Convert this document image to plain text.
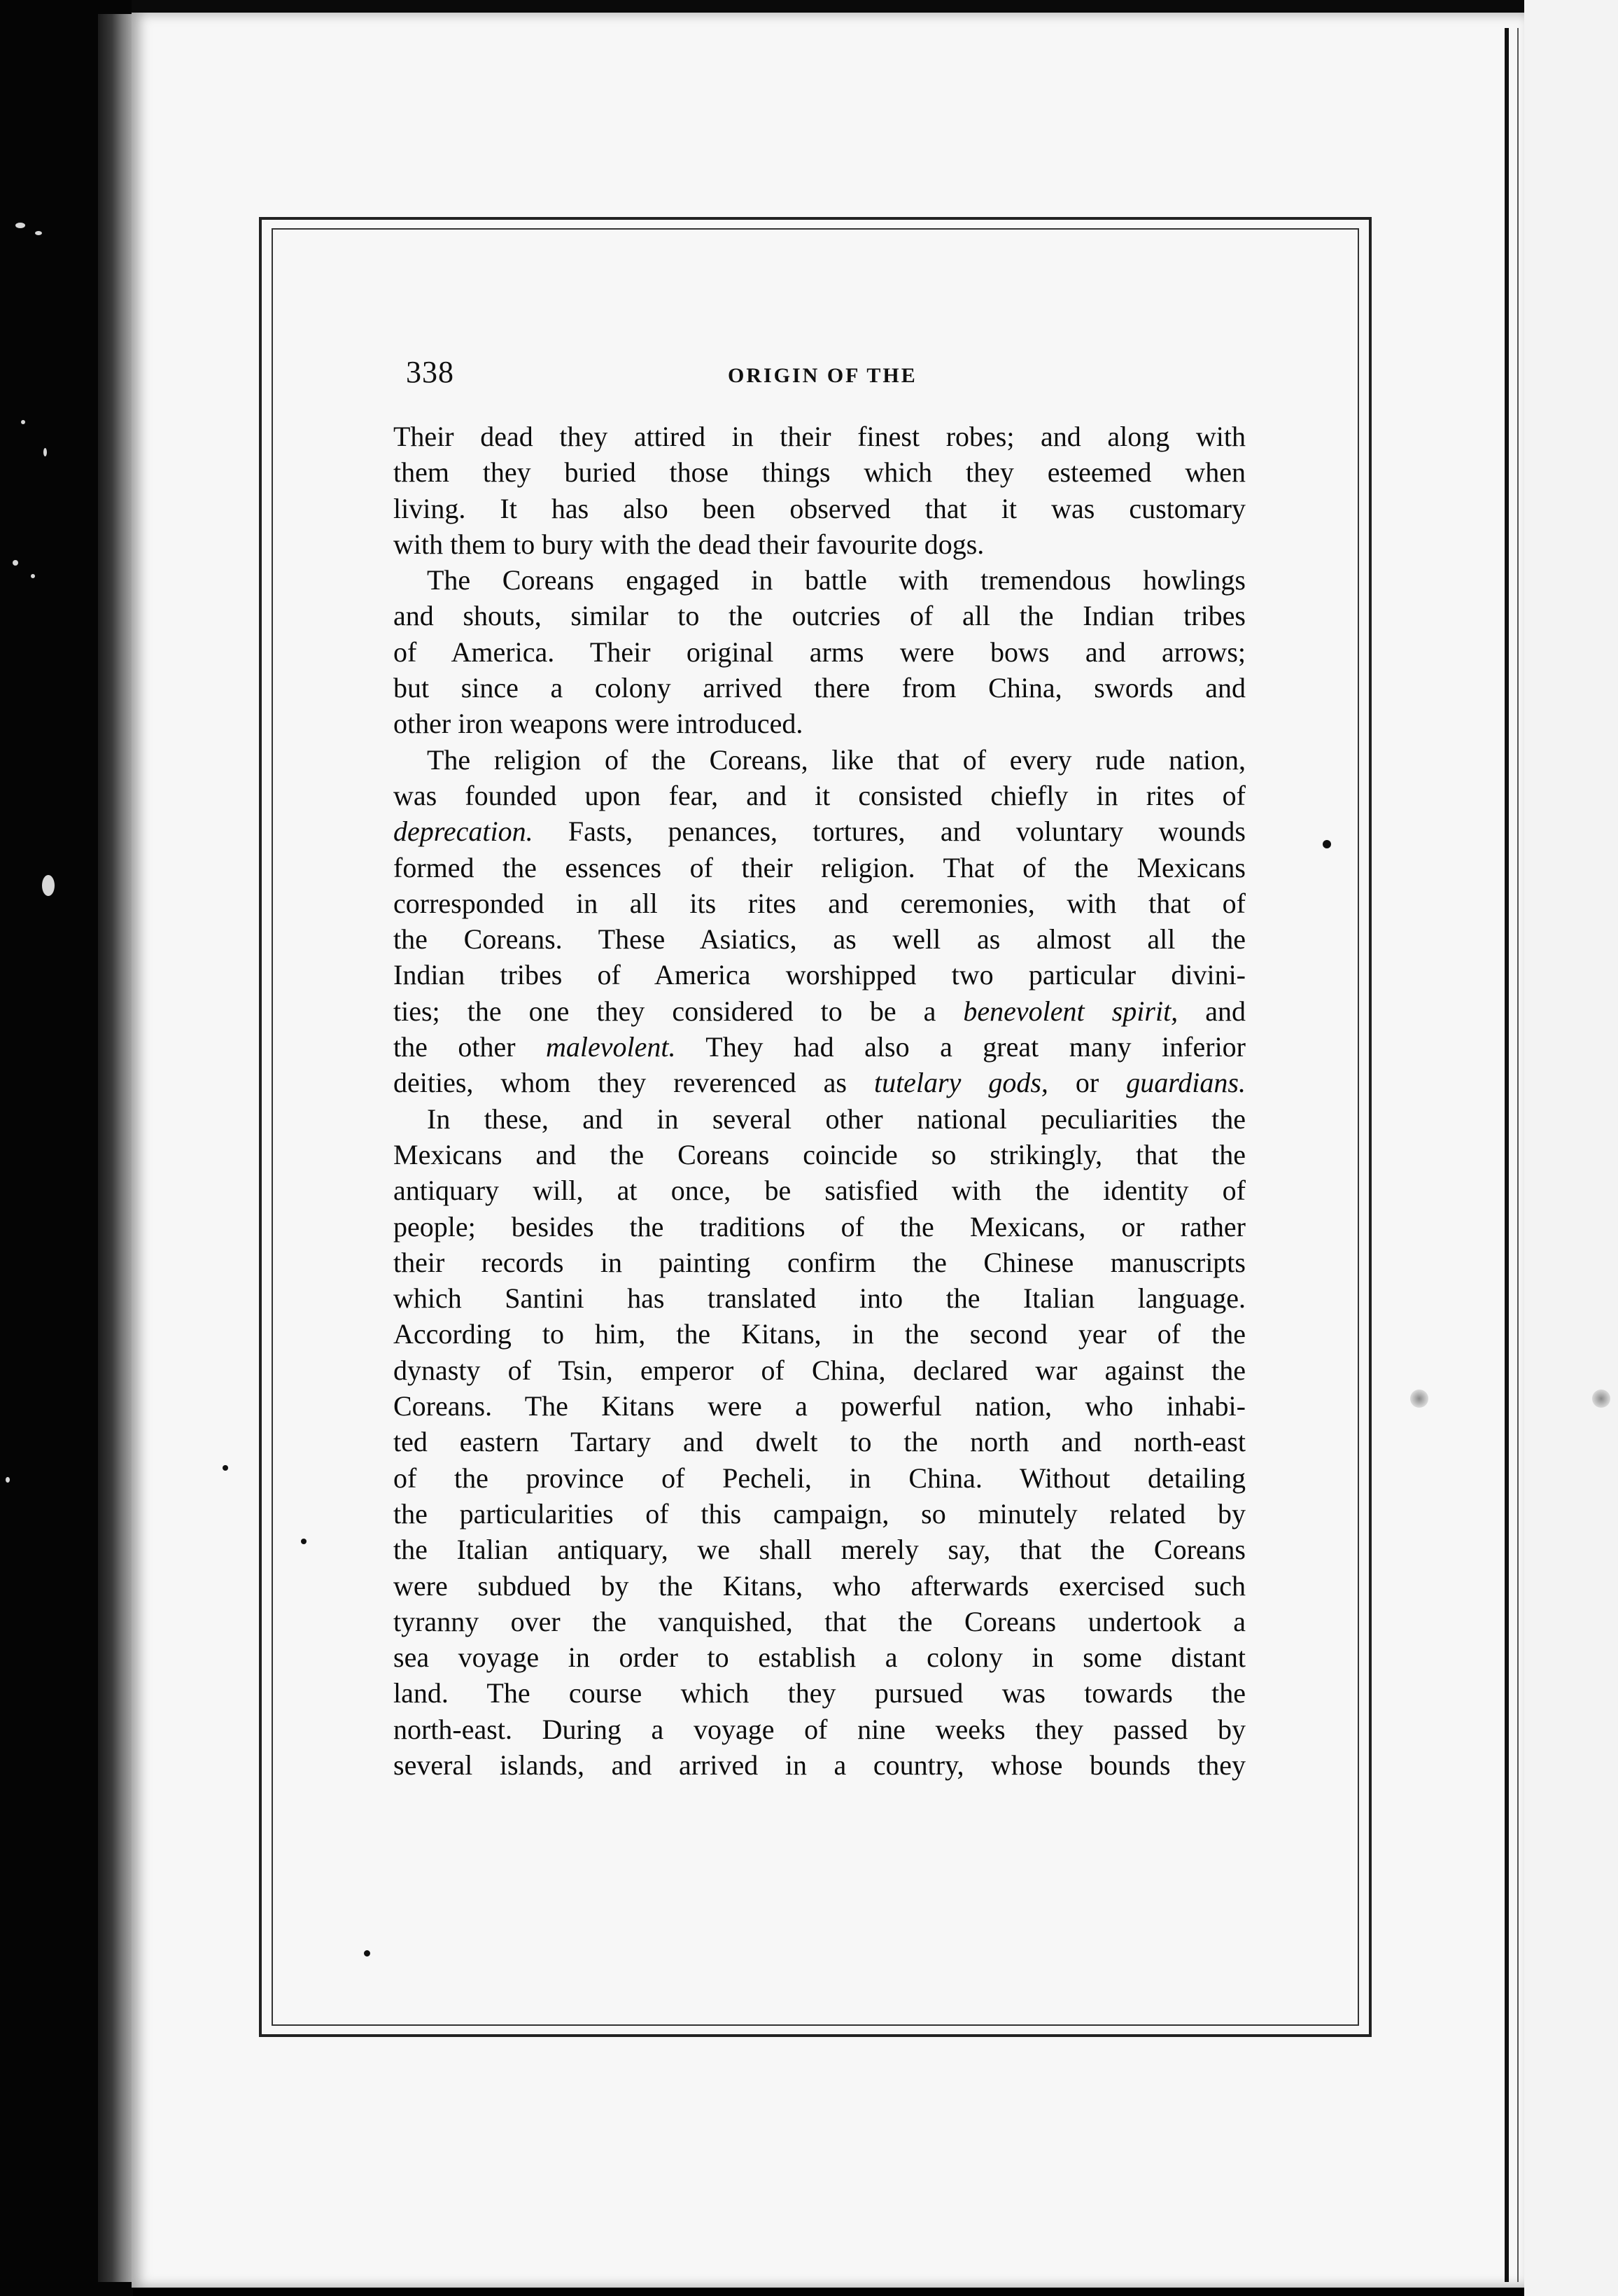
338	ORIGIN OF THE
Their dead they attired in their finest robes; and along with
them they buried those things which they esteemed when
living. It has also been observed that it was customary
with them to bury with the dead their favourite dogs.
The Coreans engaged in battle with tremendous howlings
and shouts, similar to the outcries of all the Indian tribes
of America. Their original arms were bows and arrows;
but since a colony arrived there from China, swords and
other iron weapons were introduced.
The religion of the Coreans, like that of every rude nation,
was founded upon fear, and it consisted chiefly in rites of
deprecation. Fasts, penances, tortures, and voluntary wounds
formed the essences of their religion. That of the Mexicans
corresponded in all its rites and ceremonies, with that of
the Coreans. These Asiatics, as well as almost all the
Indian tribes of America worshipped two particular divini-
ties; the one they considered to be a benevolent spirit, and
the other malevolent. They had also a great many inferior
deities, whom they reverenced as tutelary gods, or guardians.
In these, and in several other national peculiarities the
Mexicans and the Coreans coincide so strikingly, that the
antiquary will, at once, be satisfied with the identity of
people; besides the traditions of the Mexicans, or rather
their records in painting confirm the Chinese manuscripts
which Santini has translated into the Italian language.
According to him, the Kitans, in the second year of the
dynasty of Tsin, emperor of China, declared war against the
Coreans. The Kitans were a powerful nation, who inhabi-
ted eastern Tartary and dwelt to the north and north-east
of the province of Pecheli, in China. Without detailing
the particularities of this campaign, so minutely related by
the Italian antiquary, we shall merely say, that the Coreans
were subdued by the Kitans, who afterwards exercised such
tyranny over the vanquished, that the Coreans undertook a
sea voyage in order to establish a colony in some distant
land. The course which they pursued was towards the
north-east. During a voyage of nine weeks they passed by
several islands, and arrived in a country, whose bounds they
